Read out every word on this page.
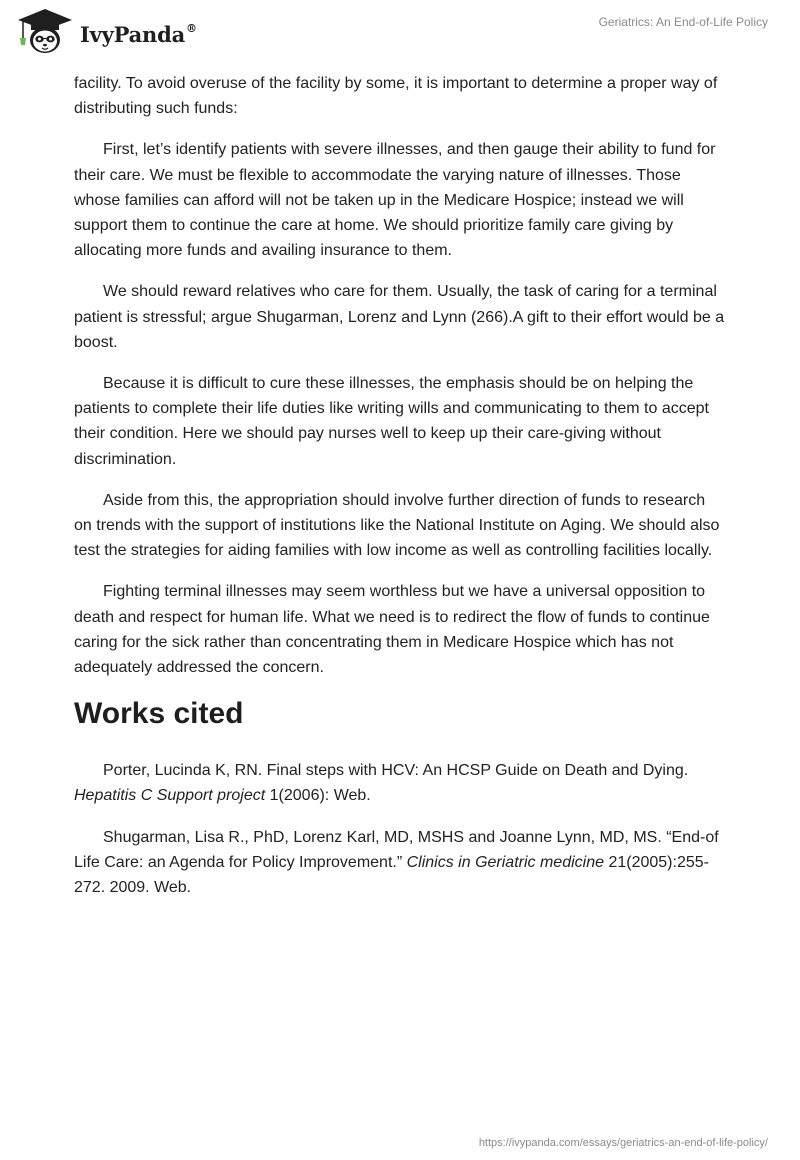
IvyPanda®	Geriatrics: An End-of-Life Policy

facility. To avoid overuse of the facility by some, it is important to determine a proper way of distributing such funds:

First, let’s identify patients with severe illnesses, and then gauge their ability to fund for their care. We must be flexible to accommodate the varying nature of illnesses. Those whose families can afford will not be taken up in the Medicare Hospice; instead we will support them to continue the care at home. We should prioritize family care giving by allocating more funds and availing insurance to them.

We should reward relatives who care for them. Usually, the task of caring for a terminal patient is stressful; argue Shugarman, Lorenz and Lynn (266).A gift to their effort would be a boost.

Because it is difficult to cure these illnesses, the emphasis should be on helping the patients to complete their life duties like writing wills and communicating to them to accept their condition. Here we should pay nurses well to keep up their care-giving without discrimination.

Aside from this, the appropriation should involve further direction of funds to research on trends with the support of institutions like the National Institute on Aging. We should also test the strategies for aiding families with low income as well as controlling facilities locally.

Fighting terminal illnesses may seem worthless but we have a universal opposition to death and respect for human life. What we need is to redirect the flow of funds to continue caring for the sick rather than concentrating them in Medicare Hospice which has not adequately addressed the concern.

Works cited

Porter, Lucinda K, RN. Final steps with HCV: An HCSP Guide on Death and Dying. Hepatitis C Support project 1(2006): Web.

Shugarman, Lisa R., PhD, Lorenz Karl, MD, MSHS and Joanne Lynn, MD, MS. “End-of Life Care: an Agenda for Policy Improvement.” Clinics in Geriatric medicine 21(2005):255-272. 2009. Web.

https://ivypanda.com/essays/geriatrics-an-end-of-life-policy/
